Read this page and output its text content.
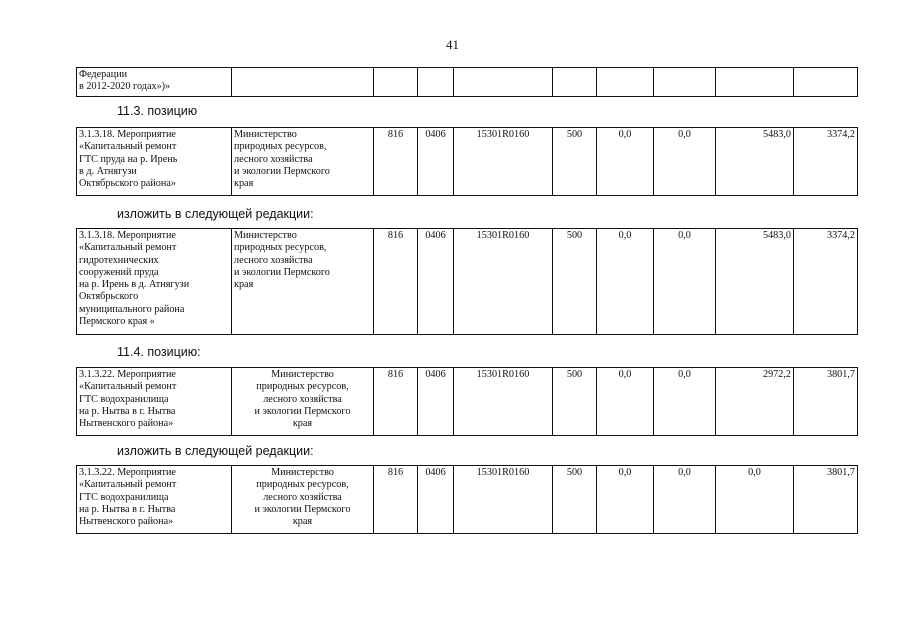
41
Федерации
в 2012-2020 годах»)»									
11.3. позицию
3.1.3.18. Мероприятие
«Капитальный ремонт
ГТС пруда на р. Ирень
в д. Атнягузи
Октябрьского района»	Министерство
природных ресурсов,
лесного хозяйства
и экологии Пермского
края	816	0406	15301R0160	500	0,0	0,0	5483,0	3374,2
изложить в следующей редакции:
3.1.3.18. Мероприятие
«Капитальный ремонт
гидротехнических
сооружений пруда
на р. Ирень в д. Атнягузи
Октябрьского
муниципального района
Пермского края «	Министерство
природных ресурсов,
лесного хозяйства
и экологии Пермского
края	816	0406	15301R0160	500	0,0	0,0	5483,0	3374,2
11.4. позицию:
3.1.3.22. Мероприятие
«Капитальный ремонт
ГТС водохранилища
на р. Нытва в г. Нытва
Нытвенского района»	Министерство
природных ресурсов,
лесного хозяйства
и экологии Пермского
края	816	0406	15301R0160	500	0,0	0,0	2972,2	3801,7
изложить в следующей редакции:
3.1.3.22. Мероприятие
«Капитальный ремонт
ГТС водохранилища
на р. Нытва в г. Нытва
Нытвенского района»	Министерство
природных ресурсов,
лесного хозяйства
и экологии Пермского
края	816	0406	15301R0160	500	0,0	0,0	0,0	3801,7
